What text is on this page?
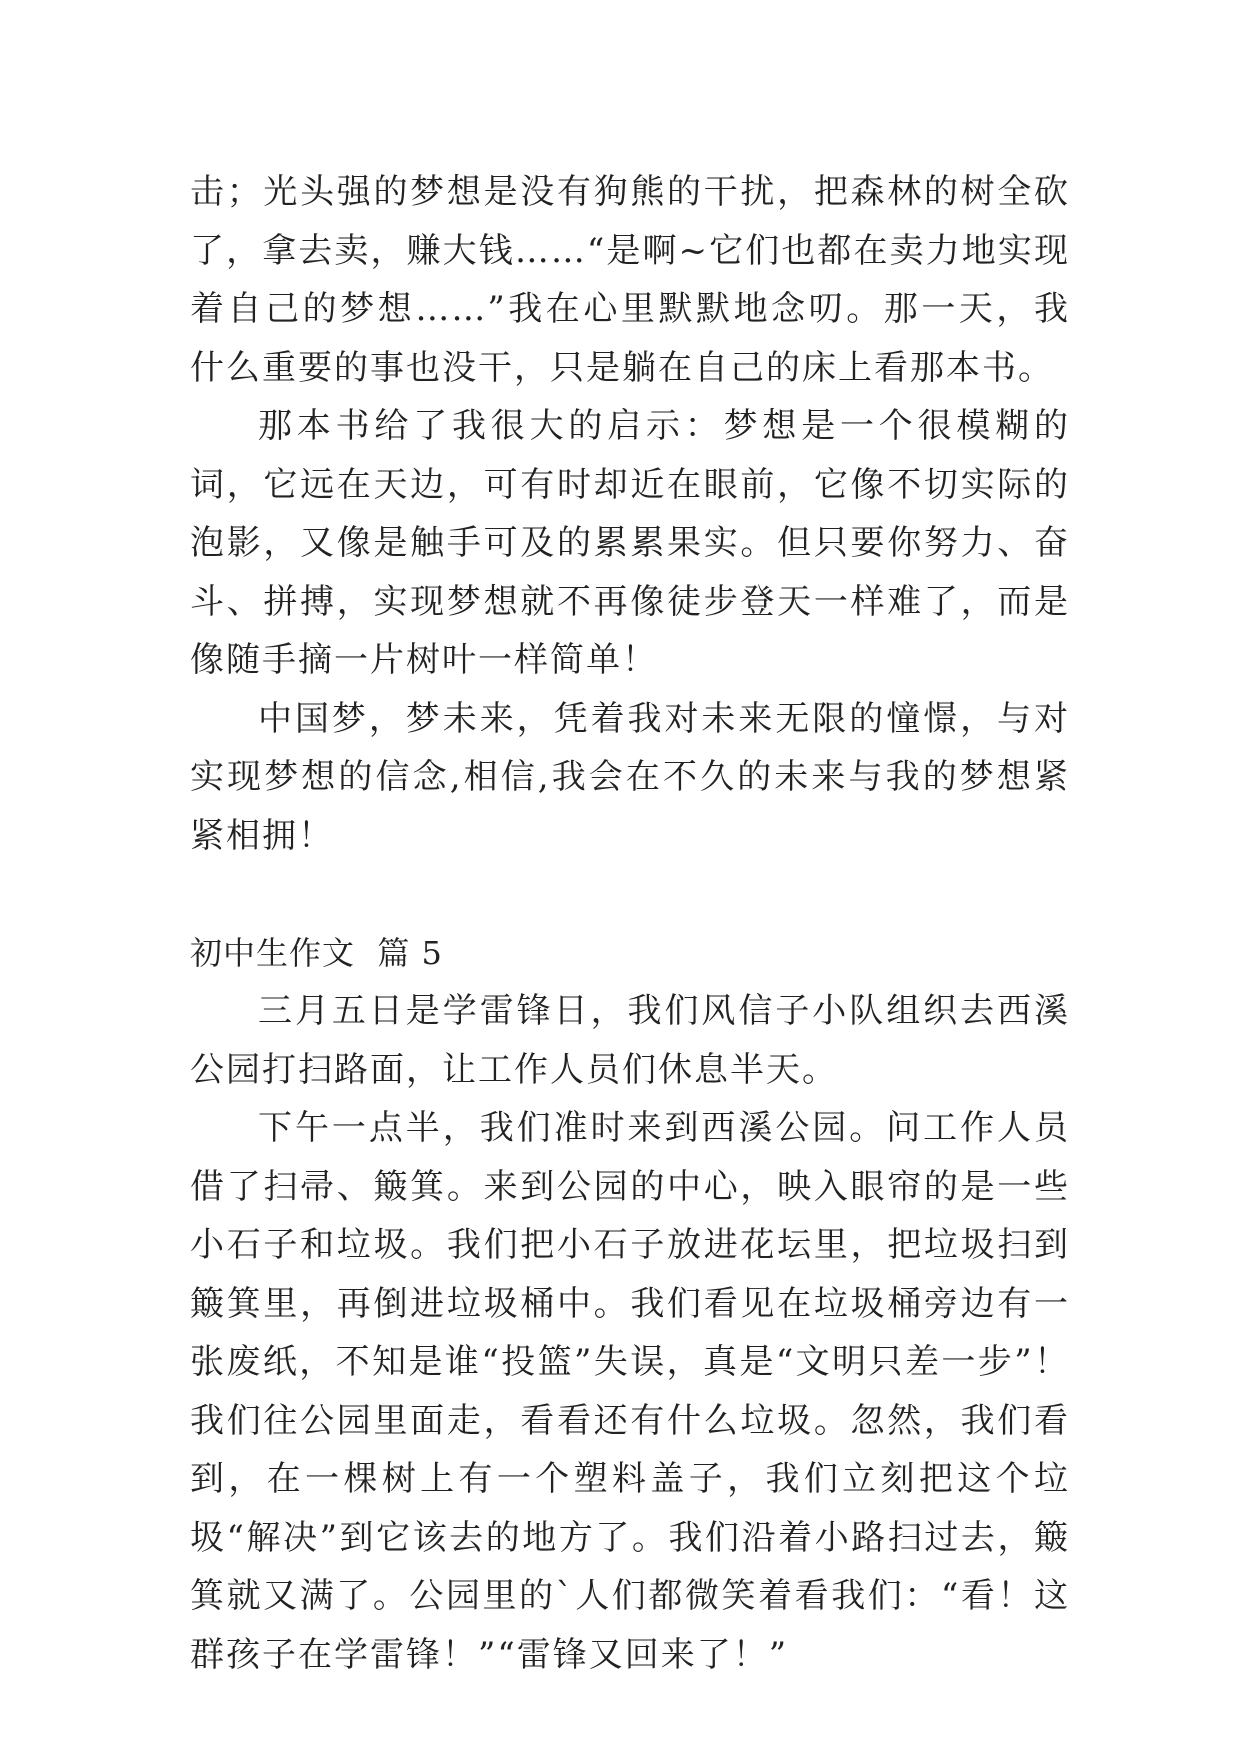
击；光头强的梦想是没有狗熊的干扰，把森林的树全砍了，拿去卖，赚大钱……“是啊~它们也都在卖力地实现着自己的梦想……”我在心里默默地念叨。那一天，我什么重要的事也没干，只是躺在自己的床上看那本书。

那本书给了我很大的启示：梦想是一个很模糊的词，它远在天边，可有时却近在眼前，它像不切实际的泡影，又像是触手可及的累累果实。但只要你努力、奋斗、拼搏，实现梦想就不再像徒步登天一样难了，而是像随手摘一片树叶一样简单！

中国梦，梦未来，凭着我对未来无限的憧憬，与对实现梦想的信念,相信,我会在不久的未来与我的梦想紧紧相拥！

初中生作文  篇 5

三月五日是学雷锋日，我们风信子小队组织去西溪公园打扫路面，让工作人员们休息半天。

下午一点半，我们准时来到西溪公园。问工作人员借了扫帚、簸箕。来到公园的中心，映入眼帘的是一些小石子和垃圾。我们把小石子放进花坛里，把垃圾扫到簸箕里，再倒进垃圾桶中。我们看见在垃圾桶旁边有一张废纸，不知是谁“投篮”失误，真是“文明只差一步”！我们往公园里面走，看看还有什么垃圾。忽然，我们看到，在一棵树上有一个塑料盖子，我们立刻把这个垃圾“解决”到它该去的地方了。我们沿着小路扫过去，簸箕就又满了。公园里的`人们都微笑着看我们：“看！这群孩子在学雷锋！”“雷锋又回来了！”
